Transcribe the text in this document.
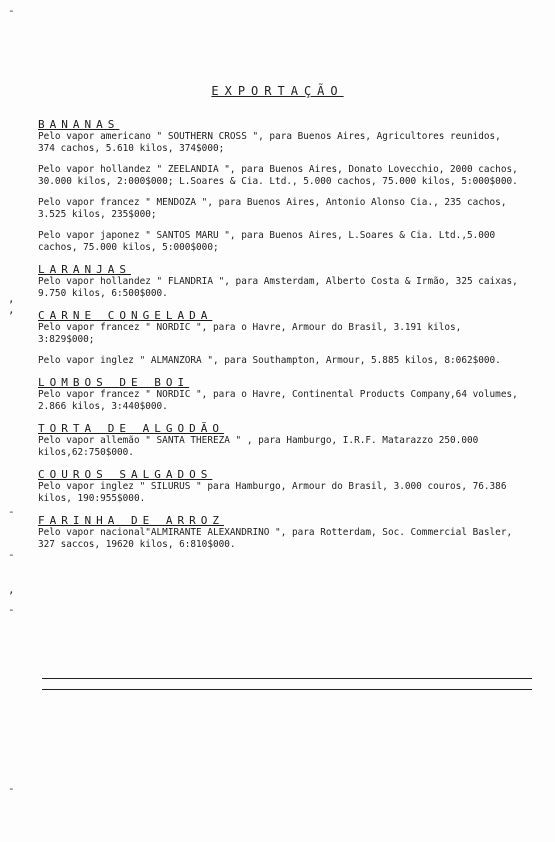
-
EXPORTAÇÃO
,
,
-
-
,
-
-
BANANAS

Pelo vapor americano " SOUTHERN CROSS ", para Buenos Aires, Agricultores reunidos, 374 cachos, 5.610 kilos, 374$000;

Pelo vapor hollandez " ZEELANDIA ", para Buenos Aires, Donato Lovecchio, 2000 cachos, 30.000 kilos, 2:000$000; L.Soares & Cia. Ltd., 5.000 cachos, 75.000 kilos, 5:000$000.

Pelo vapor francez " MENDOZA ", para Buenos Aires, Antonio Alonso Cia., 235 cachos, 3.525 kilos, 235$000;

Pelo vapor japonez " SANTOS MARU ", para Buenos Aires, L.Soares & Cia. Ltd.,5.000 cachos, 75.000 kilos, 5:000$000;

LARANJAS

Pelo vapor hollandez " FLANDRIA ", para Amsterdam, Alberto Costa & Irmão, 325 caixas, 9.750 kilos, 6:500$000.

CARNE CONGELADA

Pelo vapor francez " NORDIC ", para o Havre, Armour do Brasil, 3.191 kilos, 3:829$000;

Pelo vapor inglez " ALMANZORA ", para Southampton, Armour, 5.885 kilos, 8:062$000.

LOMBOS DE BOI

Pelo vapor francez " NORDIC ", para o Havre, Continental Products Company,64 volumes, 2.866 kilos, 3:440$000.

TORTA DE ALGODÃO

Pelo vapor allemão " SANTA THEREZA " , para Hamburgo, I.R.F. Matarazzo 250.000 kilos,62:750$000.

COUROS SALGADOS

Pelo vapor inglez " SILURUS " para Hamburgo, Armour do Brasil, 3.000 couros, 76.386 kilos, 190:955$000.

FARINHA DE ARROZ

Pelo vapor nacional"ALMIRANTE ALEXANDRINO ", para Rotterdam, Soc. Commercial Basler, 327 saccos, 19620 kilos, 6:810$000.
